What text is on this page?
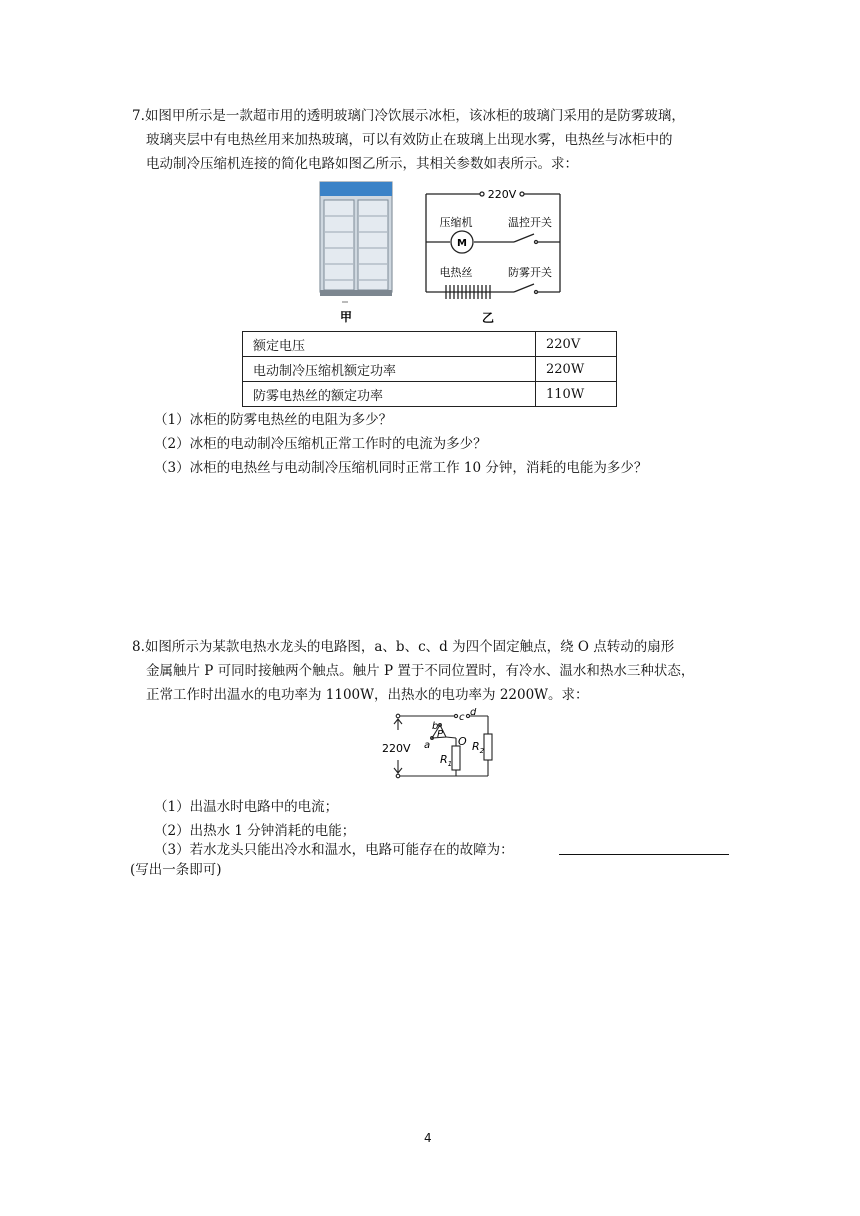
7.如图甲所示是一款超市用的透明玻璃门冷饮展示冰柜，该冰柜的玻璃门采用的是防雾玻璃，
玻璃夹层中有电热丝用来加热玻璃，可以有效防止在玻璃上出现水雾，电热丝与冰柜中的
电动制冷压缩机连接的简化电路如图乙所示，其相关参数如表所示。求：
甲
220V
压缩机
M
温控开关
电热丝	防雾开关
乙
额定电压	220V
电动制冷压缩机额定功率	220W
防雾电热丝的额定功率	110W
（1）冰柜的防雾电热丝的电阻为多少？
（2）冰柜的电动制冷压缩机正常工作时的电流为多少？
（3）冰柜的电热丝与电动制冷压缩机同时正常工作 10 分钟，消耗的电能为多少？
8.如图所示为某款电热水龙头的电路图，a、b、c、d 为四个固定触点，绕 O 点转动的扇形
金属触片 P 可同时接触两个触点。触片 P 置于不同位置时，有冷水、温水和热水三种状态，
正常工作时出温水的电功率为 1100W，出热水的电功率为 2200W。求：
220V
b
a
c d
P
O
$R_1$
$R_2$
（1）出温水时电路中的电流；
（2）出热水 1 分钟消耗的电能；
（3）若水龙头只能出冷水和温水，电路可能存在的故障为：
(写出一条即可)
4
